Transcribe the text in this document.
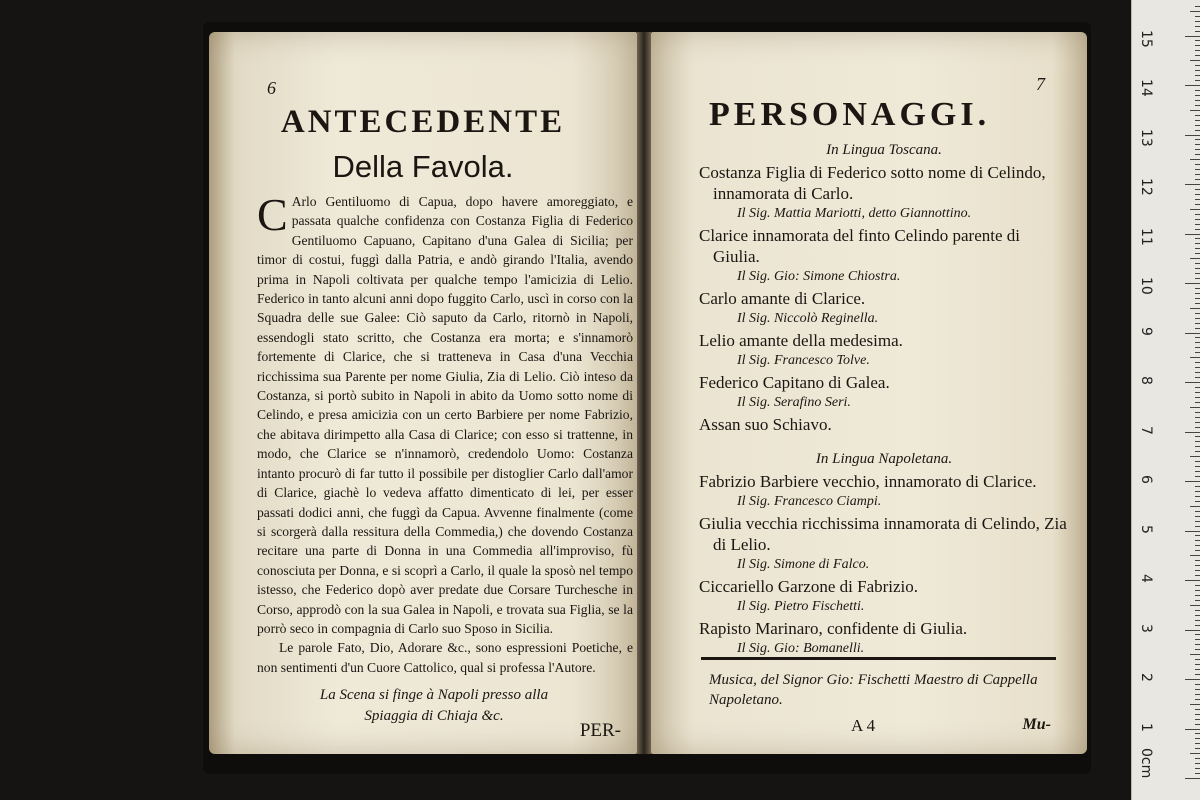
6
ANTECEDENTE
Della Favola.

C Arlo Gentiluomo di Capua, dopo havere amoreggiato, e passata qualche confidenza con Costanza Figlia di Federico Gentiluomo Capuano, Capitano d'una Galea di Sicilia; per timor di costui, fuggì dalla Patria, e andò girando l'Italia, avendo prima in Napoli coltivata per qualche tempo l'amicizia di Lelio. Federico in tanto alcuni anni dopo fuggito Carlo, uscì in corso con la Squadra delle sue Galee: Ciò saputo da Carlo, ritornò in Napoli, essendogli stato scritto, che Costanza era morta; e s'innamorò fortemente di Clarice, che si tratteneva in Casa d'una Vecchia ricchissima sua Parente per nome Giulia, Zia di Lelio. Ciò inteso da Costanza, si portò subito in Napoli in abito da Uomo sotto nome di Celindo, e presa amicizia con un certo Barbiere per nome Fabrizio, che abitava dirimpetto alla Casa di Clarice; con esso si trattenne, in modo, che Clarice se n'innamorò, credendolo Uomo: Costanza intanto procurò di far tutto il possibile per distoglier Carlo dall'amor di Clarice, giachè lo vedeva affatto dimenticato di lei, per esser passati dodici anni, che fuggì da Capua. Avvenne finalmente (come si scorgerà dalla ressitura della Commedia,) che dovendo Costanza recitare una parte di Donna in una Commedia all'improviso, fù conosciuta per Donna, e si scoprì a Carlo, il quale la sposò nel tempo istesso, che Federico dopò aver predate due Corsare Turchesche in Corso, approdò con la sua Galea in Napoli, e trovata sua Figlia, se la porrò seco in compagnia di Carlo suo Sposo in Sicilia.

Le parole Fato, Dio, Adorare &c., sono espressioni Poetiche, e non sentimenti d'un Cuore Cattolico, qual si professa l'Autore.

La Scena si finge à Napoli presso alla
Spiaggia di Chiaja &c.
PER-
7
PERSONAGGI.

In Lingua Toscana.

Costanza Figlia di Federico sotto nome di Celindo, innamorata di Carlo.

Il Sig. Mattia Mariotti, detto Giannottino.

Clarice innamorata del finto Celindo parente di Giulia.

Il Sig. Gio: Simone Chiostra.

Carlo amante di Clarice.

Il Sig. Niccolò Reginella.

Lelio amante della medesima.

Il Sig. Francesco Tolve.

Federico Capitano di Galea.

Il Sig. Serafino Seri.

Assan suo Schiavo.

In Lingua Napoletana.

Fabrizio Barbiere vecchio, innamorato di Clarice.

Il Sig. Francesco Ciampi.

Giulia vecchia ricchissima innamorata di Celindo, Zia di Lelio.

Il Sig. Simone di Falco.

Ciccariello Garzone di Fabrizio.

Il Sig. Pietro Fischetti.

Rapisto Marinaro, confidente di Giulia.

Il Sig. Gio: Bomanelli.

Musica, del Signor Gio: Fischetti Maestro di Cappella Napoletano.
A 4	Mu-
0cm
1
2
3
4
5
6
7
8
9
10
11
12
13
14
15
